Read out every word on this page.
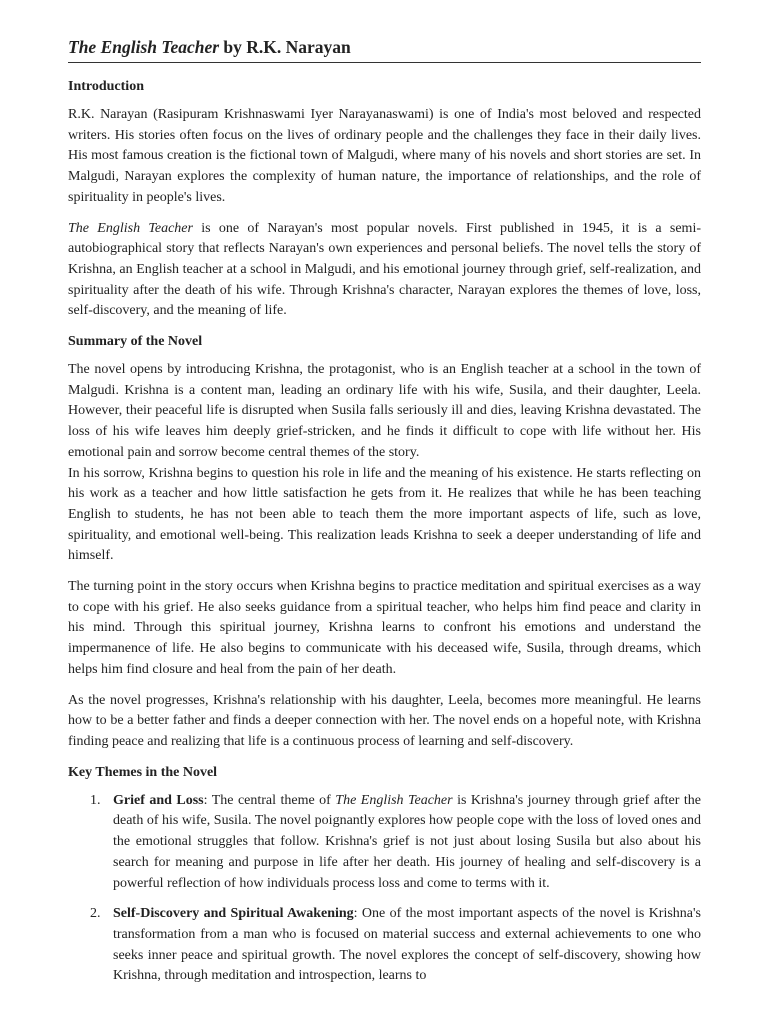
The English Teacher by R.K. Narayan
Introduction

R.K. Narayan (Rasipuram Krishnaswami Iyer Narayanaswami) is one of India's most beloved and respected writers. His stories often focus on the lives of ordinary people and the challenges they face in their daily lives. His most famous creation is the fictional town of Malgudi, where many of his novels and short stories are set. In Malgudi, Narayan explores the complexity of human nature, the importance of relationships, and the role of spirituality in people's lives.

The English Teacher is one of Narayan's most popular novels. First published in 1945, it is a semi-autobiographical story that reflects Narayan's own experiences and personal beliefs. The novel tells the story of Krishna, an English teacher at a school in Malgudi, and his emotional journey through grief, self-realization, and spirituality after the death of his wife. Through Krishna's character, Narayan explores the themes of love, loss, self-discovery, and the meaning of life.

Summary of the Novel

The novel opens by introducing Krishna, the protagonist, who is an English teacher at a school in the town of Malgudi. Krishna is a content man, leading an ordinary life with his wife, Susila, and their daughter, Leela. However, their peaceful life is disrupted when Susila falls seriously ill and dies, leaving Krishna devastated. The loss of his wife leaves him deeply grief-stricken, and he finds it difficult to cope with life without her. His emotional pain and sorrow become central themes of the story.

In his sorrow, Krishna begins to question his role in life and the meaning of his existence. He starts reflecting on his work as a teacher and how little satisfaction he gets from it. He realizes that while he has been teaching English to students, he has not been able to teach them the more important aspects of life, such as love, spirituality, and emotional well-being. This realization leads Krishna to seek a deeper understanding of life and himself.

The turning point in the story occurs when Krishna begins to practice meditation and spiritual exercises as a way to cope with his grief. He also seeks guidance from a spiritual teacher, who helps him find peace and clarity in his mind. Through this spiritual journey, Krishna learns to confront his emotions and understand the impermanence of life. He also begins to communicate with his deceased wife, Susila, through dreams, which helps him find closure and heal from the pain of her death.

As the novel progresses, Krishna's relationship with his daughter, Leela, becomes more meaningful. He learns how to be a better father and finds a deeper connection with her. The novel ends on a hopeful note, with Krishna finding peace and realizing that life is a continuous process of learning and self-discovery.

Key Themes in the Novel
1. Grief and Loss: The central theme of The English Teacher is Krishna's journey through grief after the death of his wife, Susila. The novel poignantly explores how people cope with the loss of loved ones and the emotional struggles that follow. Krishna's grief is not just about losing Susila but also about his search for meaning and purpose in life after her death. His journey of healing and self-discovery is a powerful reflection of how individuals process loss and come to terms with it.
2. Self-Discovery and Spiritual Awakening: One of the most important aspects of the novel is Krishna's transformation from a man who is focused on material success and external achievements to one who seeks inner peace and spiritual growth. The novel explores the concept of self-discovery, showing how Krishna, through meditation and introspection, learns to
